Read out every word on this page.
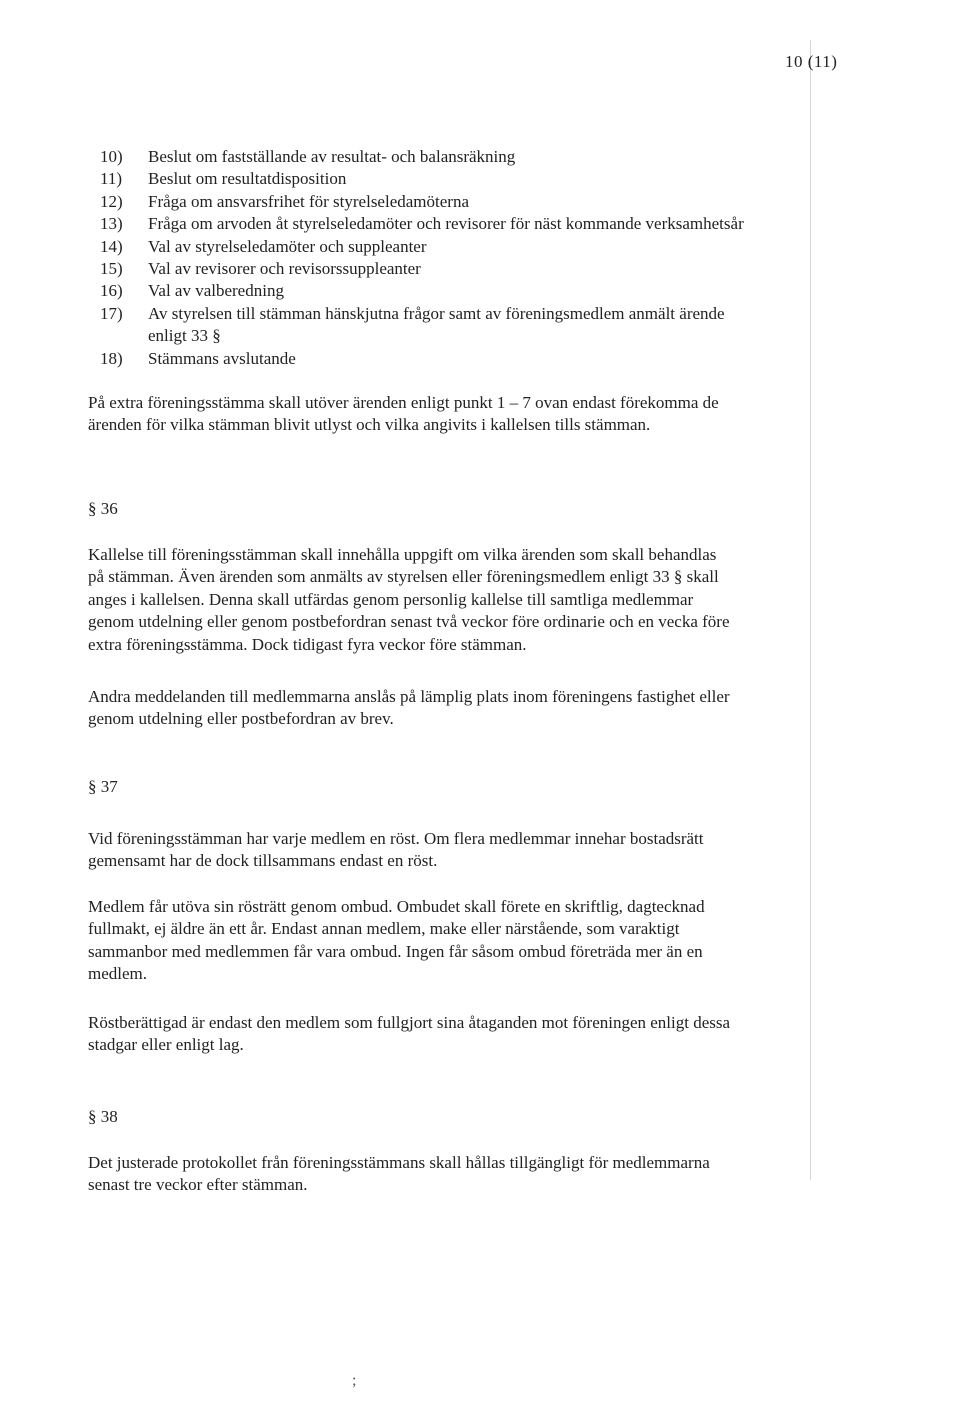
10 (11)
10)	Beslut om fastställande av resultat- och balansräkning
11)	Beslut om resultatdisposition
12)	Fråga om ansvarsfrihet för styrelseledamöterna
13)	Fråga om arvoden åt styrelseledamöter och revisorer för näst kommande verksamhetsår
14)	Val av styrelseledamöter och suppleanter
15)	Val av revisorer och revisorssuppleanter
16)	Val av valberedning
17)	Av styrelsen till stämman hänskjutna frågor samt av föreningsmedlem anmält ärende
enligt 33 §
18)	Stämmans avslutande

På extra föreningsstämma skall utöver ärenden enligt punkt 1 – 7 ovan endast förekomma de
ärenden för vilka stämman blivit utlyst och vilka angivits i kallelsen tills stämman.

§ 36

Kallelse till föreningsstämman skall innehålla uppgift om vilka ärenden som skall behandlas
på stämman. Även ärenden som anmälts av styrelsen eller föreningsmedlem enligt 33 § skall
anges i kallelsen. Denna skall utfärdas genom personlig kallelse till samtliga medlemmar
genom utdelning eller genom postbefordran senast två veckor före ordinarie och en vecka före
extra föreningsstämma. Dock tidigast fyra veckor före stämman.

Andra meddelanden till medlemmarna anslås på lämplig plats inom föreningens fastighet eller
genom utdelning eller postbefordran av brev.

§ 37

Vid föreningsstämman har varje medlem en röst. Om flera medlemmar innehar bostadsrätt
gemensamt har de dock tillsammans endast en röst.

Medlem får utöva sin rösträtt genom ombud. Ombudet skall förete en skriftlig, dagtecknad
fullmakt, ej äldre än ett år. Endast annan medlem, make eller närstående, som varaktigt
sammanbor med medlemmen får vara ombud. Ingen får såsom ombud företräda mer än en
medlem.

Röstberättigad är endast den medlem som fullgjort sina åtaganden mot föreningen enligt dessa
stadgar eller enligt lag.

§ 38

Det justerade protokollet från föreningsstämmans skall hållas tillgängligt för medlemmarna
senast tre veckor efter stämman.

;
